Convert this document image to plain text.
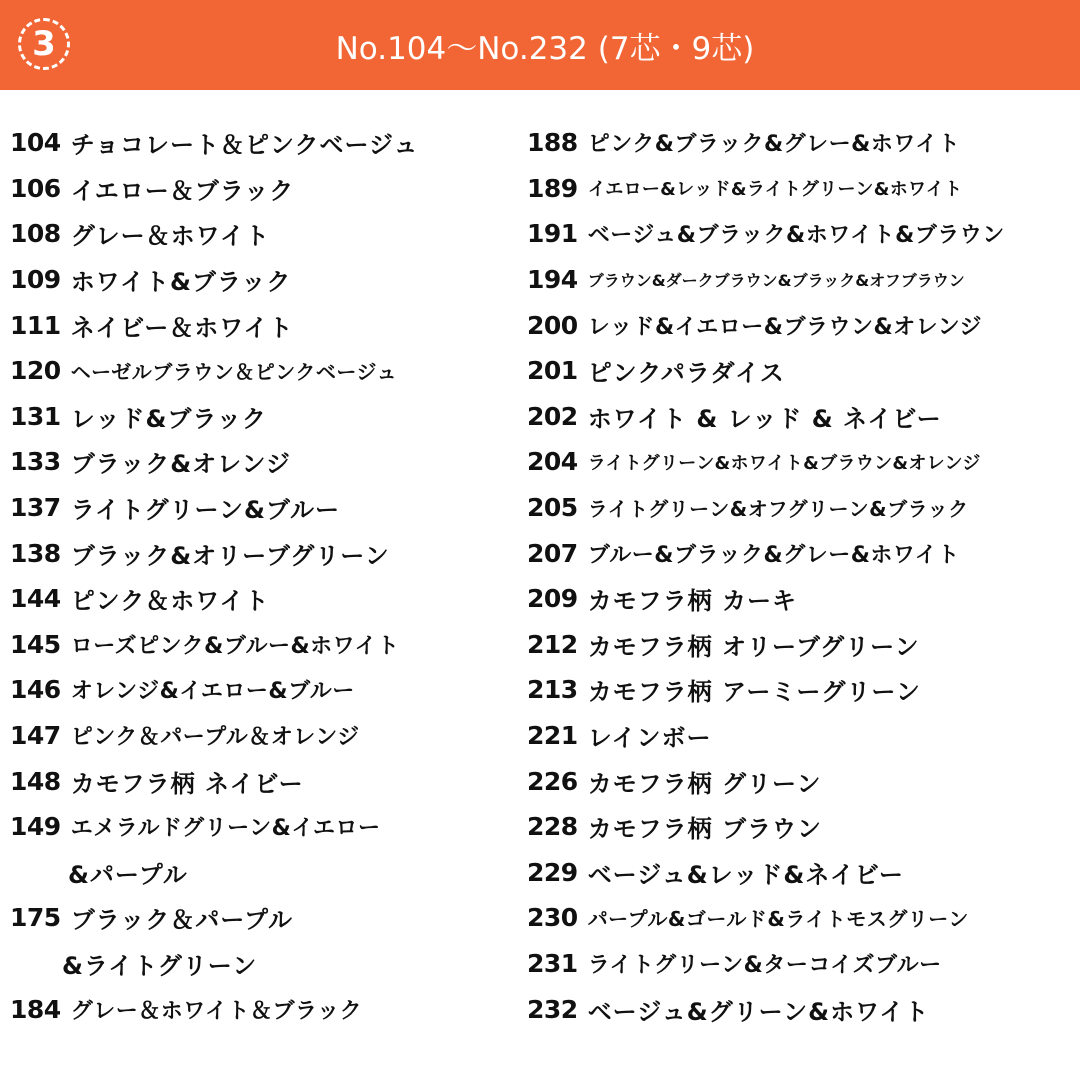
3	No.104〜No.232 (7芯・9芯)
104 チョコレート＆ピンクベージュ
106 イエロー＆ブラック
108 グレー＆ホワイト
109 ホワイト&ブラック
111 ネイビー＆ホワイト
120 ヘーゼルブラウン＆ピンクベージュ
131 レッド&ブラック
133 ブラック&オレンジ
137 ライトグリーン&ブルー
138 ブラック&オリーブグリーン
144 ピンク＆ホワイト
145 ローズピンク&ブルー&ホワイト
146 オレンジ&イエロー&ブルー
147 ピンク＆パープル＆オレンジ
148 カモフラ柄 ネイビー
149 エメラルドグリーン&イエロー
&パープル
175 ブラック＆パープル
&ライトグリーン
184 グレー＆ホワイト＆ブラック
188 ピンク&ブラック&グレー&ホワイト
189 イエロー&レッド&ライトグリーン&ホワイト
191 ベージュ&ブラック&ホワイト&ブラウン
194 ブラウン&ダークブラウン&ブラック&オフブラウン
200 レッド&イエロー&ブラウン&オレンジ
201 ピンクパラダイス
202 ホワイト & レッド & ネイビー
204 ライトグリーン&ホワイト&ブラウン&オレンジ
205 ライトグリーン&オフグリーン&ブラック
207 ブルー&ブラック&グレー&ホワイト
209 カモフラ柄 カーキ
212 カモフラ柄 オリーブグリーン
213 カモフラ柄 アーミーグリーン
221 レインボー
226 カモフラ柄 グリーン
228 カモフラ柄 ブラウン
229 ベージュ&レッド&ネイビー
230 パープル&ゴールド&ライトモスグリーン
231 ライトグリーン&ターコイズブルー
232 ベージュ&グリーン&ホワイト
